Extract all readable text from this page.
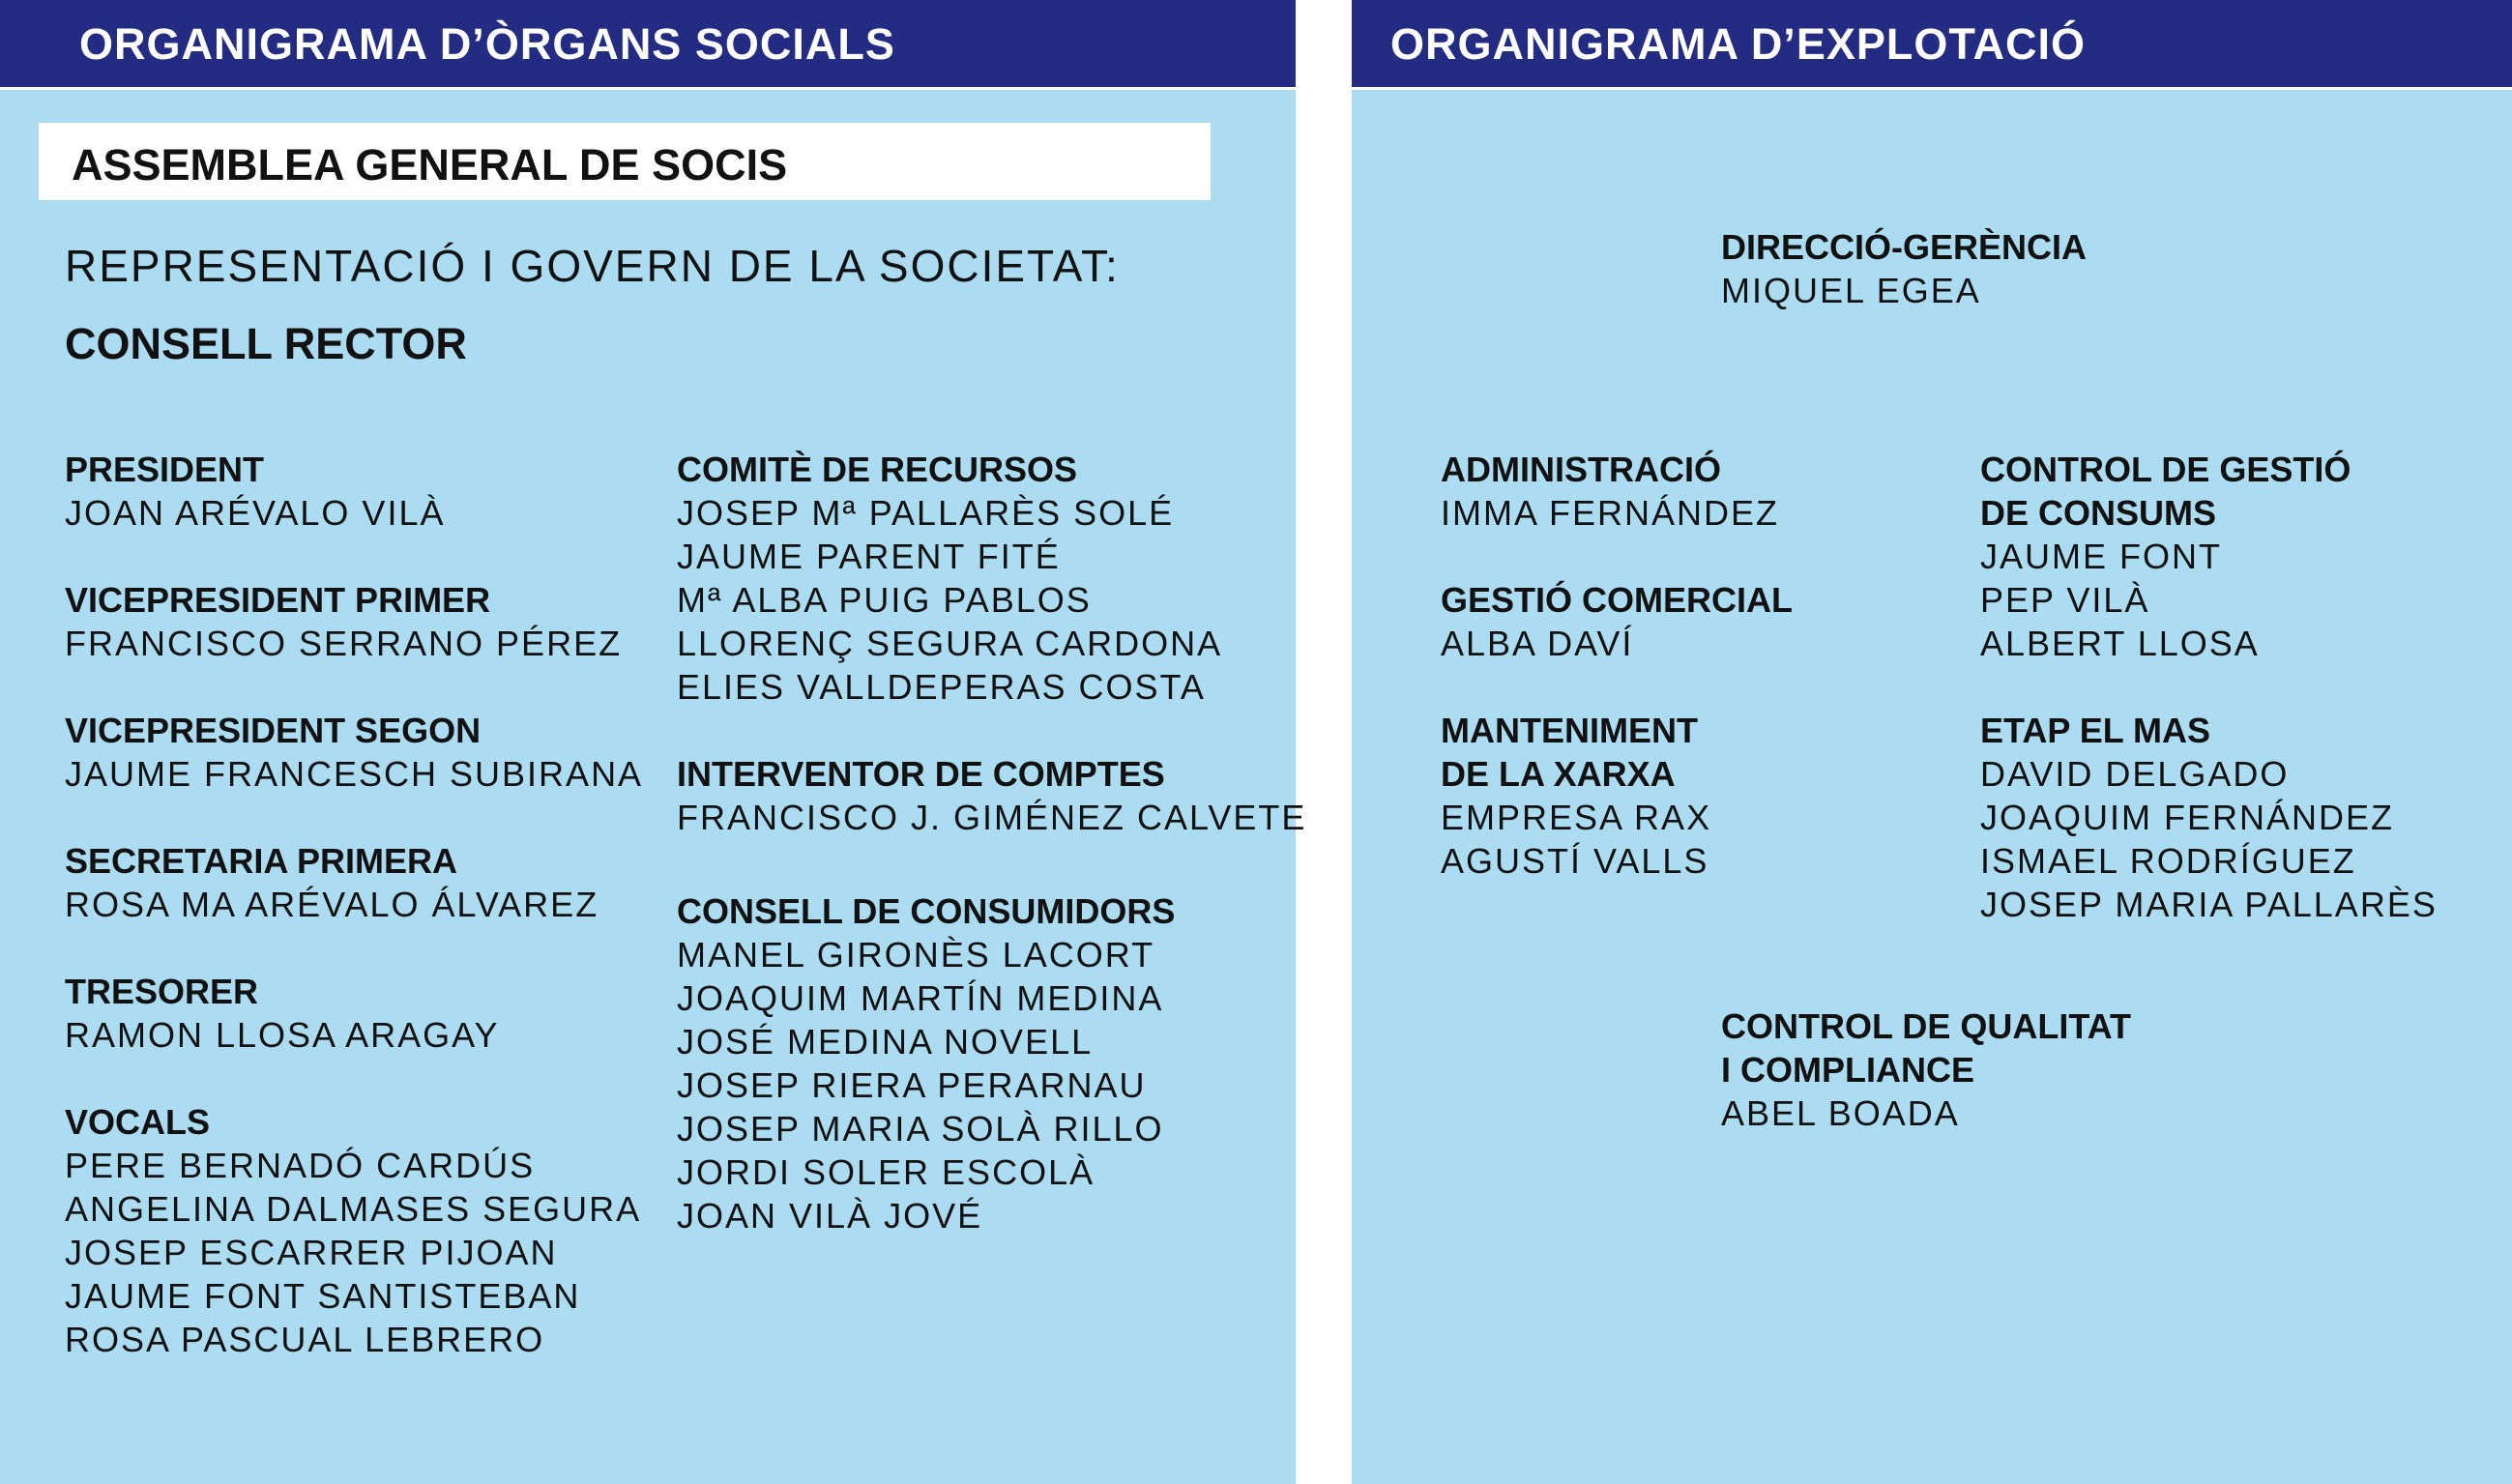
ORGANIGRAMA D’ÒRGANS SOCIALS
ASSEMBLEA GENERAL DE SOCIS
REPRESENTACIÓ I GOVERN DE LA SOCIETAT:
CONSELL RECTOR
PRESIDENT
JOAN ARÉVALO VILÀ
VICEPRESIDENT PRIMER
FRANCISCO SERRANO PÉREZ
VICEPRESIDENT SEGON
JAUME FRANCESCH SUBIRANA
SECRETARIA PRIMERA
ROSA MA ARÉVALO ÁLVAREZ
TRESORER
RAMON LLOSA ARAGAY
VOCALS
PERE BERNADÓ CARDÚS
ANGELINA DALMASES SEGURA
JOSEP ESCARRER PIJOAN
JAUME FONT SANTISTEBAN
ROSA PASCUAL LEBRERO
COMITÈ DE RECURSOS
JOSEP Mª PALLARÈS SOLÉ
JAUME PARENT FITÉ
Mª ALBA PUIG PABLOS
LLORENÇ SEGURA CARDONA
ELIES VALLDEPERAS COSTA
INTERVENTOR DE COMPTES
FRANCISCO J. GIMÉNEZ CALVETE
CONSELL DE CONSUMIDORS
MANEL GIRONÈS LACORT
JOAQUIM MARTÍN MEDINA
JOSÉ MEDINA NOVELL
JOSEP RIERA PERARNAU
JOSEP MARIA SOLÀ RILLO
JORDI SOLER ESCOLÀ
JOAN VILÀ JOVÉ
ORGANIGRAMA D’EXPLOTACIÓ
DIRECCIÓ-GERÈNCIA
MIQUEL EGEA
ADMINISTRACIÓ
IMMA FERNÁNDEZ
GESTIÓ COMERCIAL
ALBA DAVÍ
MANTENIMENT
DE LA XARXA
EMPRESA RAX
AGUSTÍ VALLS
CONTROL DE GESTIÓ
DE CONSUMS
JAUME FONT
PEP VILÀ
ALBERT LLOSA
ETAP EL MAS
DAVID DELGADO
JOAQUIM FERNÁNDEZ
ISMAEL RODRÍGUEZ
JOSEP MARIA PALLARÈS
CONTROL DE QUALITAT
I COMPLIANCE
ABEL BOADA
